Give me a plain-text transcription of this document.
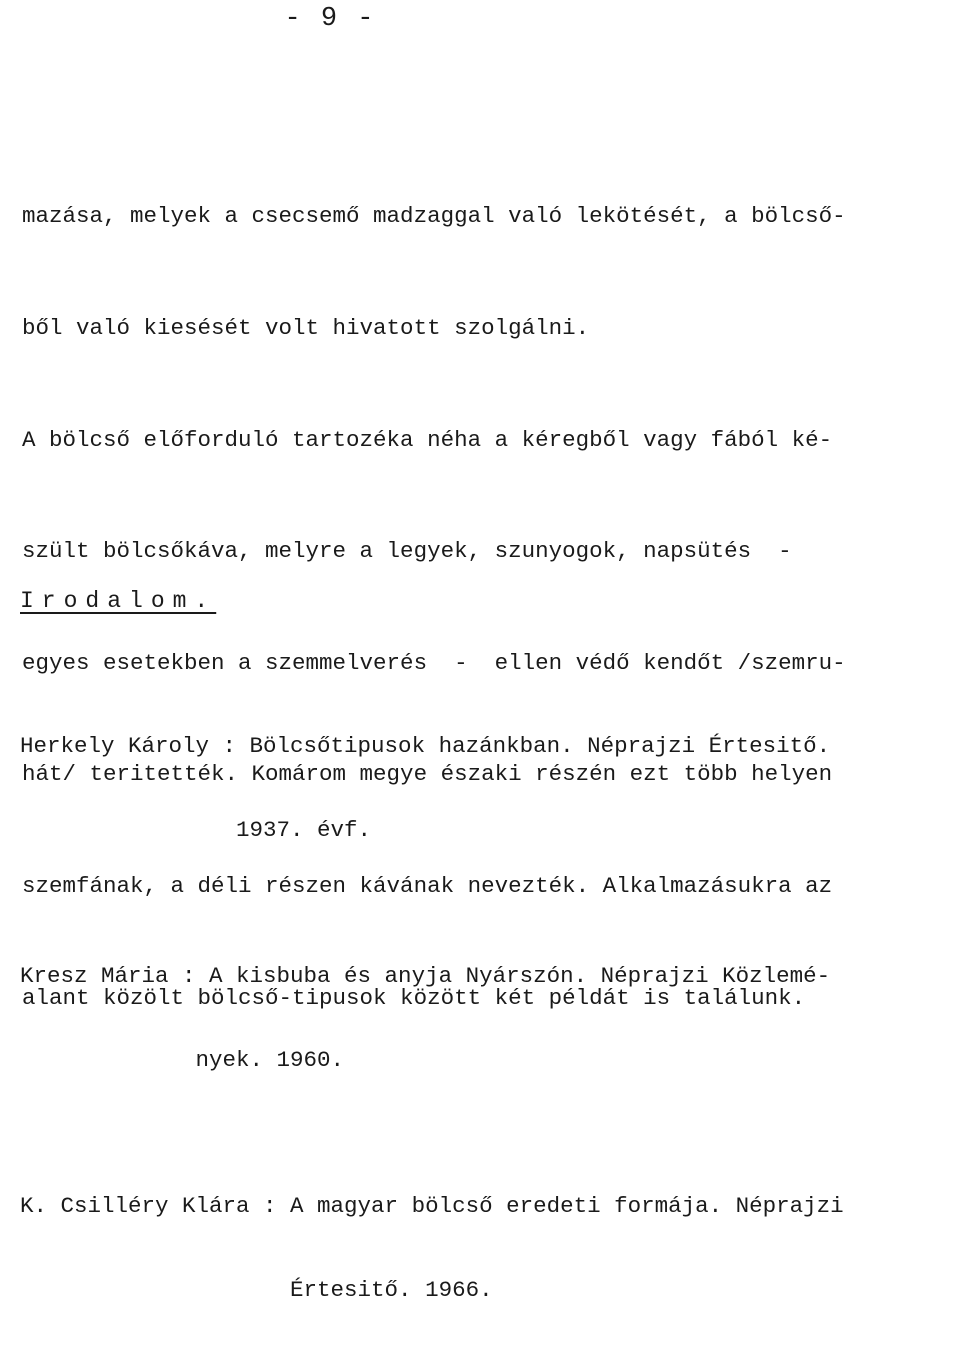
- 9 -

mazása, melyek a csecsemő madzaggal való lekötését, a bölcső-

ből való kiesését volt hivatott szolgálni.

A bölcső előforduló tartozéka néha a kéregből vagy fából ké-

szült bölcsőkáva, melyre a legyek, szunyogok, napsütés  -

egyes esetekben a szemmelverés  -  ellen védő kendőt /szemru-

hát/ teritették. Komárom megye északi részén ezt több helyen

szemfának, a déli részen kávának nevezték. Alkalmazásukra az

alant közölt bölcső-tipusok között két példát is találunk.

Irodalom.

Herkely Károly : Bölcsőtipusok hazánkban. Néprajzi Értesitő.

1937. évf.

Kresz Mária : A kisbuba és anyja Nyárszón. Néprajzi Közlemé-

nyek. 1960.

K. Csilléry Klára : A magyar bölcső eredeti formája. Néprajzi

Értesitő. 1966.
